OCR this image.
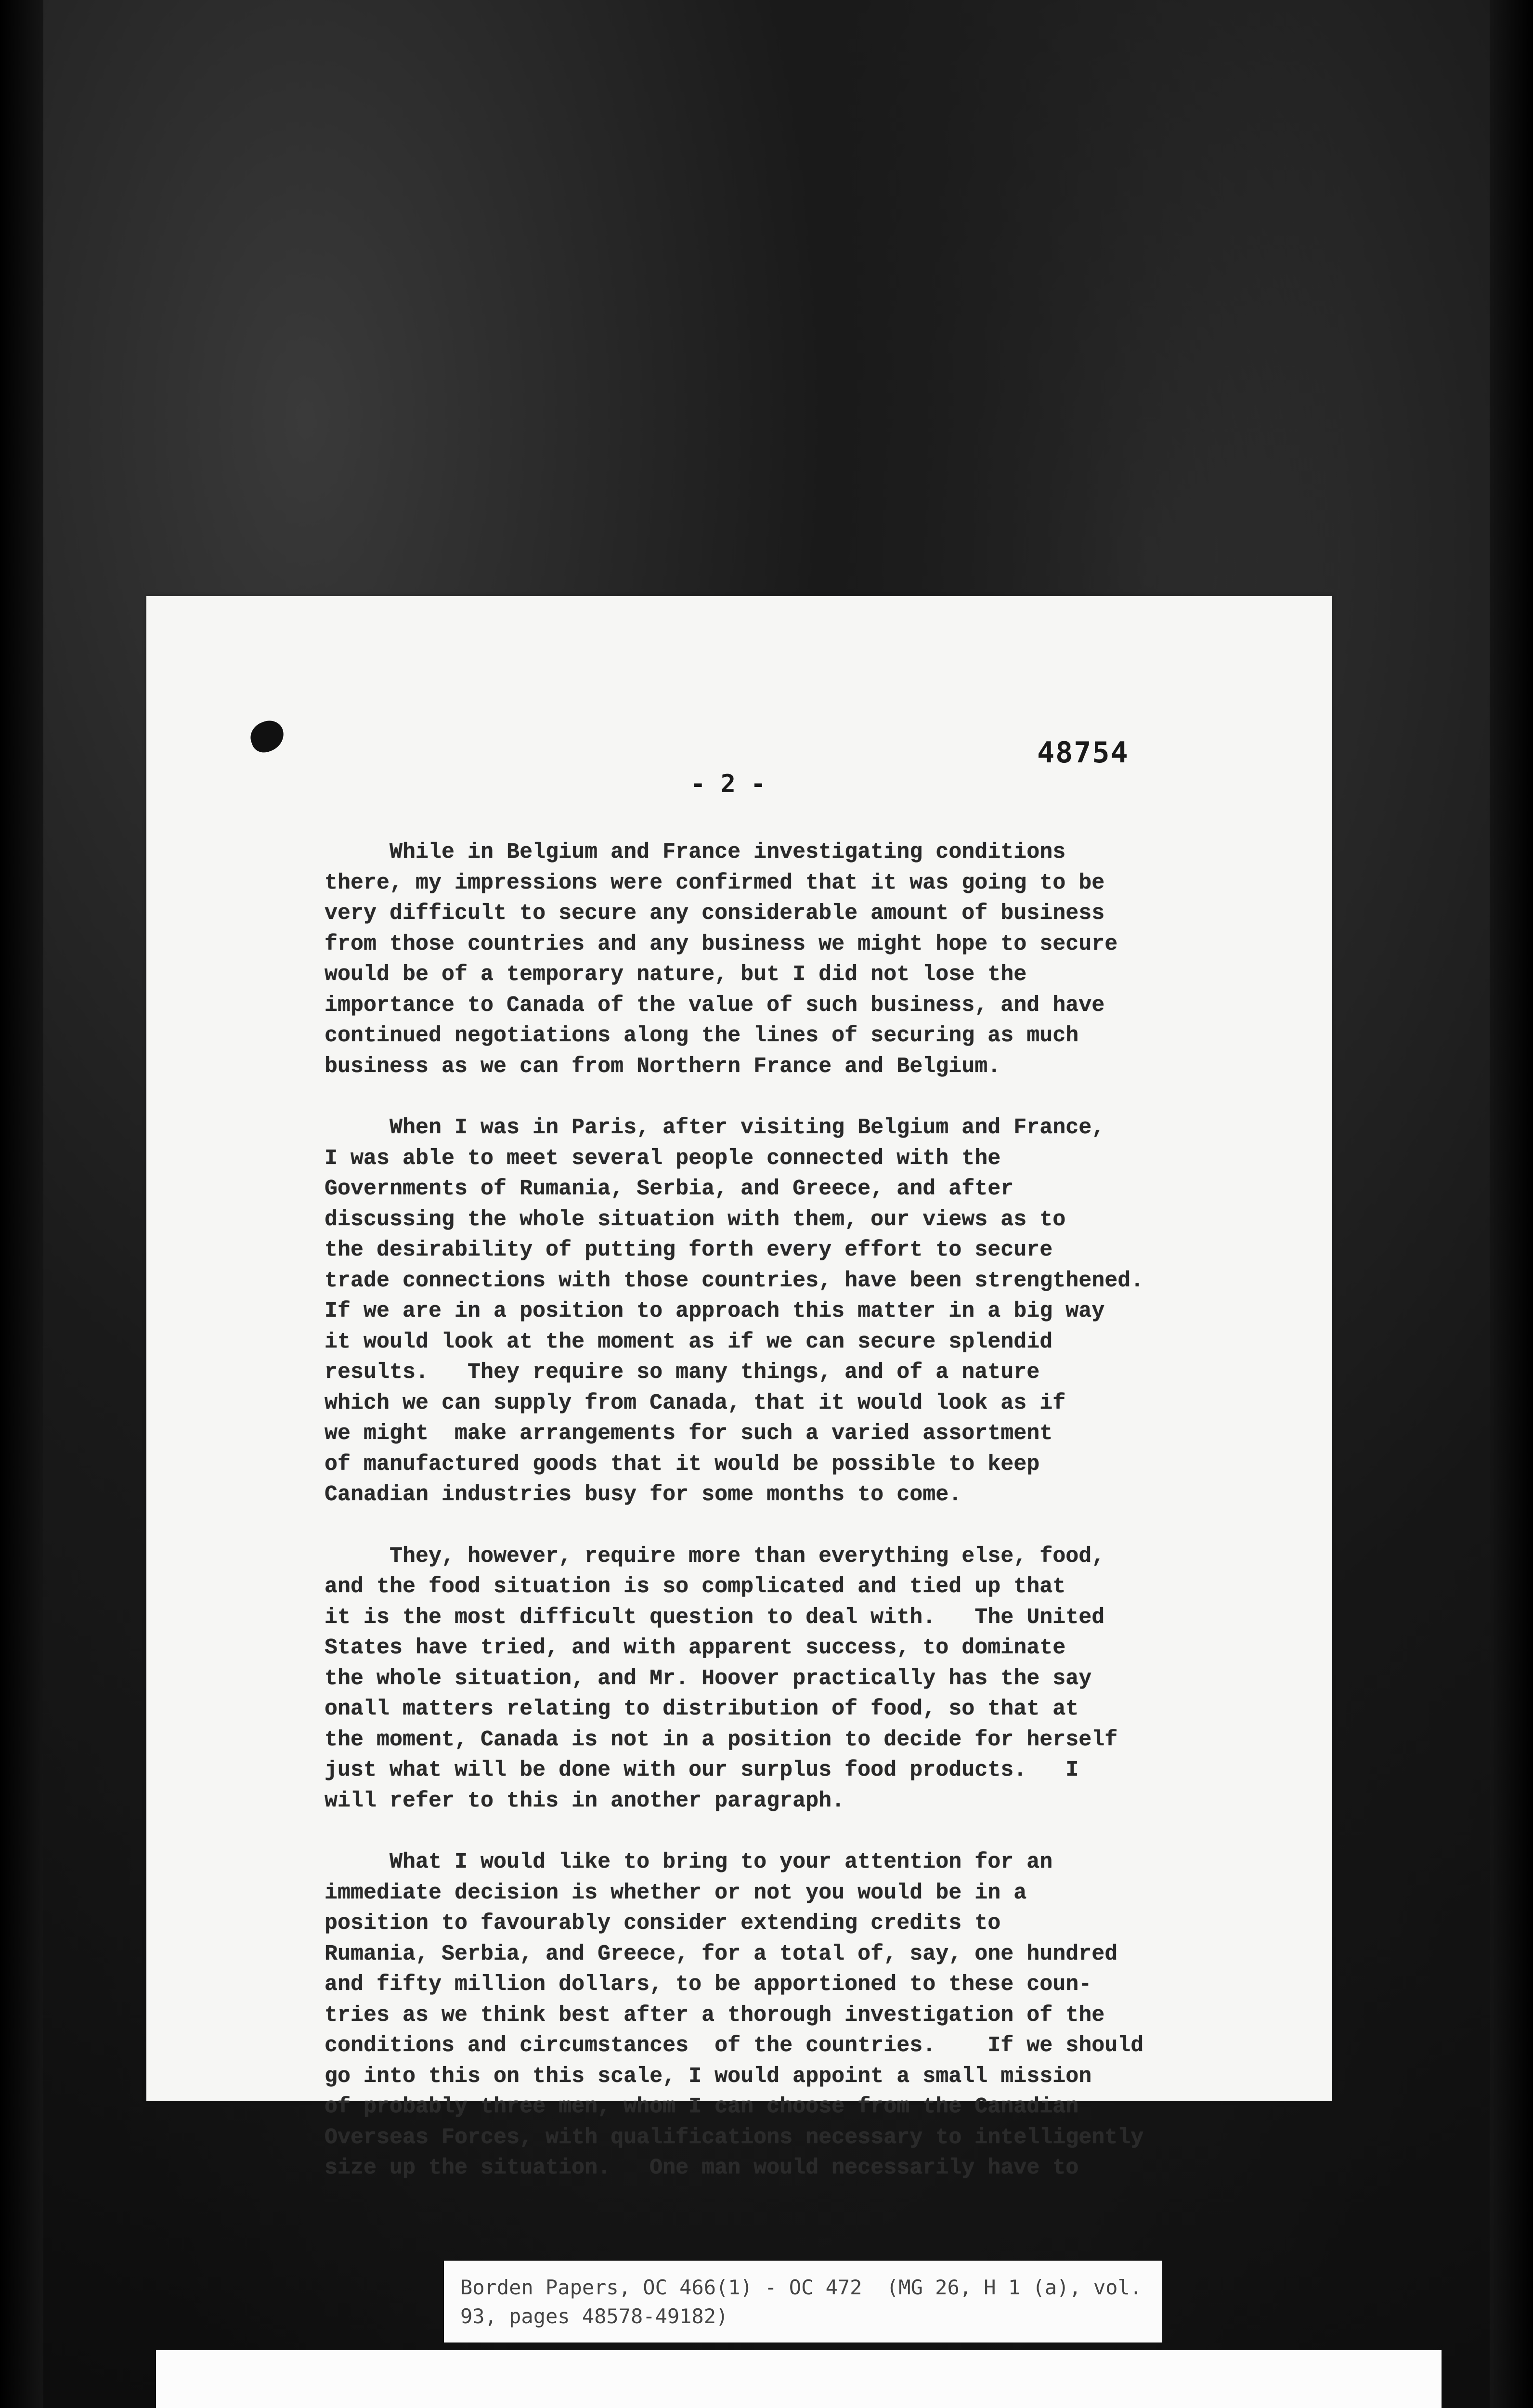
48754
- 2 -

While in Belgium and France investigating conditions
there, my impressions were confirmed that it was going to be
very difficult to secure any considerable amount of business
from those countries and any business we might hope to secure
would be of a temporary nature, but I did not lose the
importance to Canada of the value of such business, and have
continued negotiations along the lines of securing as much
business as we can from Northern France and Belgium.

When I was in Paris, after visiting Belgium and France,
I was able to meet several people connected with the
Governments of Rumania, Serbia, and Greece, and after
discussing the whole situation with them, our views as to
the desirability of putting forth every effort to secure
trade connections with those countries, have been strengthened.
If we are in a position to approach this matter in a big way
it would look at the moment as if we can secure splendid
results.   They require so many things, and of a nature
which we can supply from Canada, that it would look as if
we might  make arrangements for such a varied assortment
of manufactured goods that it would be possible to keep
Canadian industries busy for some months to come.

They, however, require more than everything else, food,
and the food situation is so complicated and tied up that
it is the most difficult question to deal with.   The United
States have tried, and with apparent success, to dominate
the whole situation, and Mr. Hoover practically has the say
onall matters relating to distribution of food, so that at
the moment, Canada is not in a position to decide for herself
just what will be done with our surplus food products.   I
will refer to this in another paragraph.

What I would like to bring to your attention for an
immediate decision is whether or not you would be in a
position to favourably consider extending credits to
Rumania, Serbia, and Greece, for a total of, say, one hundred
and fifty million dollars, to be apportioned to these coun-
tries as we think best after a thorough investigation of the
conditions and circumstances  of the countries.    If we should
go into this on this scale, I would appoint a small mission
of probably three men, whom I can choose from the Canadian
Overseas Forces, with qualifications necessary to intelligently
size up the situation.   One man would necessarily have to

Borden Papers, OC 466(1) - OC 472  (MG 26, H 1 (a), vol.
93, pages 48578-49182)
